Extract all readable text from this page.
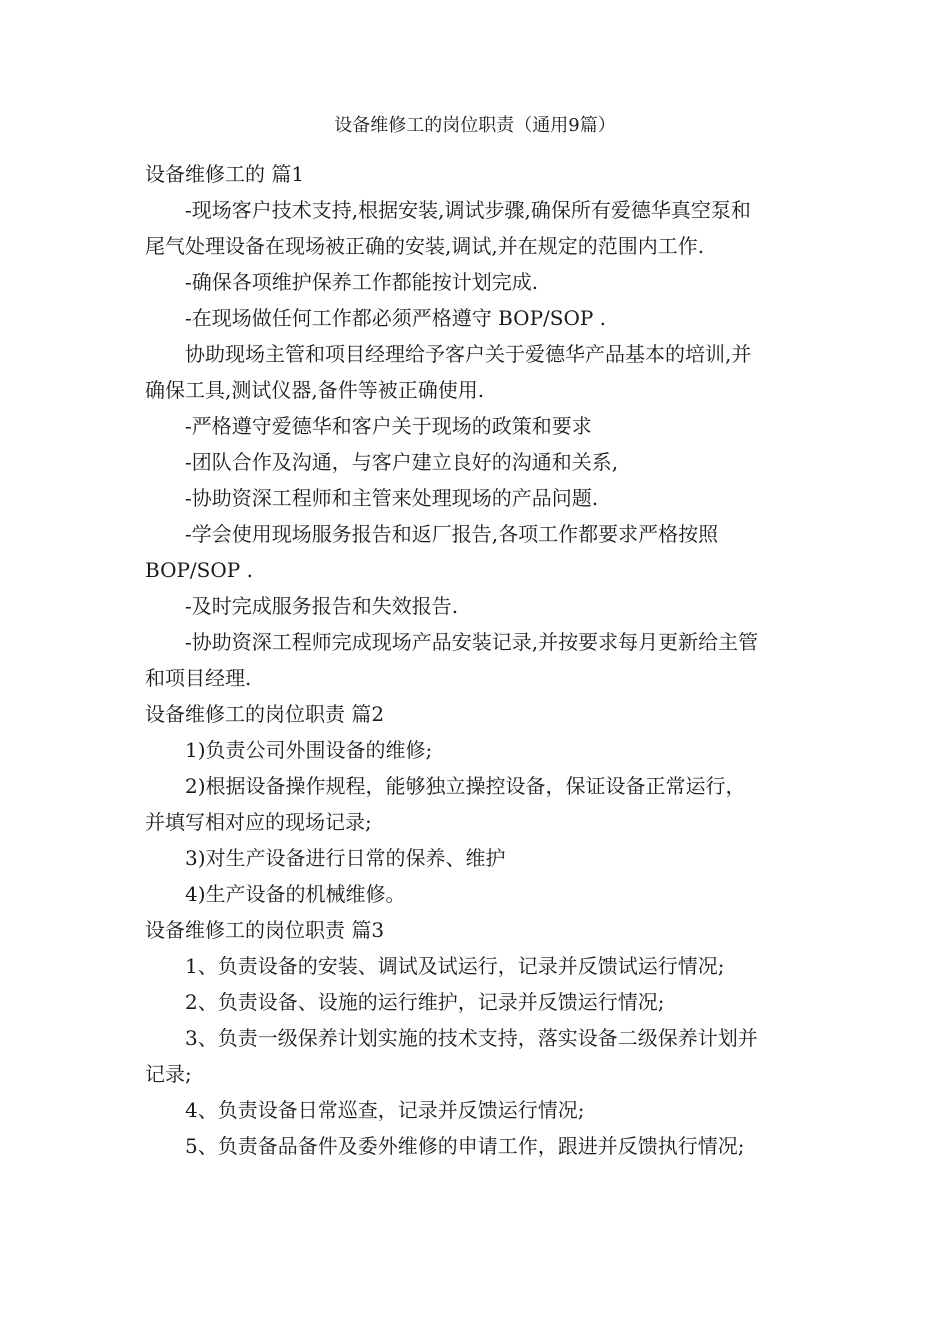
设备维修工的岗位职责（通用9篇）
设备维修工的 篇1
-现场客户技术支持,根据安装,调试步骤,确保所有爱德华真空泵和
尾气处理设备在现场被正确的安装,调试,并在规定的范围内工作.
-确保各项维护保养工作都能按计划完成.
-在现场做任何工作都必须严格遵守 BOP/SOP .
协助现场主管和项目经理给予客户关于爱德华产品基本的培训,并
确保工具,测试仪器,备件等被正确使用.
-严格遵守爱德华和客户关于现场的政策和要求
-团队合作及沟通，与客户建立良好的沟通和关系,
-协助资深工程师和主管来处理现场的产品问题.
-学会使用现场服务报告和返厂报告,各项工作都要求严格按照
BOP/SOP .
-及时完成服务报告和失效报告.
-协助资深工程师完成现场产品安装记录,并按要求每月更新给主管
和项目经理.
设备维修工的岗位职责 篇2
1)负责公司外围设备的维修;
2)根据设备操作规程，能够独立操控设备，保证设备正常运行，
并填写相对应的现场记录;
3)对生产设备进行日常的保养、维护
4)生产设备的机械维修。
设备维修工的岗位职责 篇3
1、负责设备的安装、调试及试运行，记录并反馈试运行情况;
2、负责设备、设施的运行维护，记录并反馈运行情况;
3、负责一级保养计划实施的技术支持，落实设备二级保养计划并
记录;
4、负责设备日常巡查，记录并反馈运行情况;
5、负责备品备件及委外维修的申请工作，跟进并反馈执行情况;
